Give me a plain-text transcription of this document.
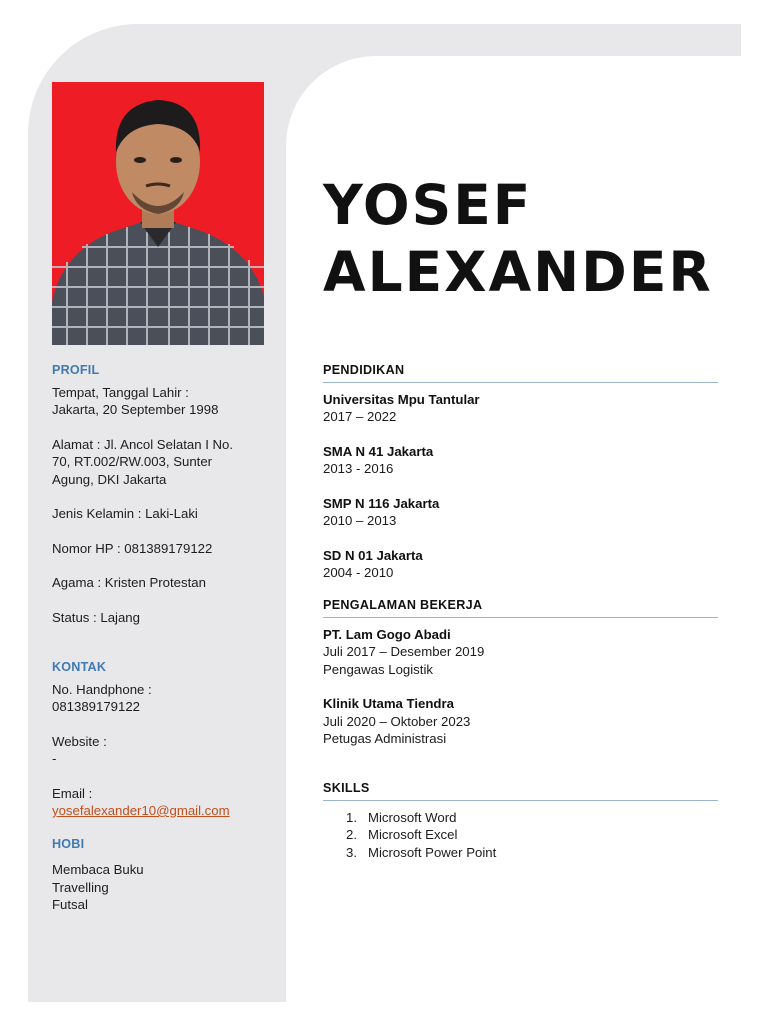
PROFIL

Tempat, Tanggal Lahir :

Jakarta, 20 September 1998

Alamat : Jl. Ancol Selatan I No.

70, RT.002/RW.003, Sunter

Agung, DKI Jakarta

Jenis Kelamin : Laki-Laki

Nomor HP : 081389179122

Agama : Kristen Protestan

Status : Lajang

KONTAK

No. Handphone :

081389179122

Website :

-

Email :

yosefalexander10@gmail.com

HOBI

Membaca Buku

Travelling

Futsal

YOSEF
ALEXANDER
PENDIDIKAN
Universitas Mpu Tantular
2017 – 2022
SMA N 41 Jakarta
2013 - 2016
SMP N 116 Jakarta
2010 – 2013
SD N 01 Jakarta
2004 - 2010
PENGALAMAN BEKERJA
PT. Lam Gogo Abadi
Juli 2017 – Desember 2019
Pengawas Logistik
Klinik Utama Tiendra
Juli 2020 – Oktober 2023
Petugas Administrasi
SKILLS
1. Microsoft Word
2. Microsoft Excel
3. Microsoft Power Point
